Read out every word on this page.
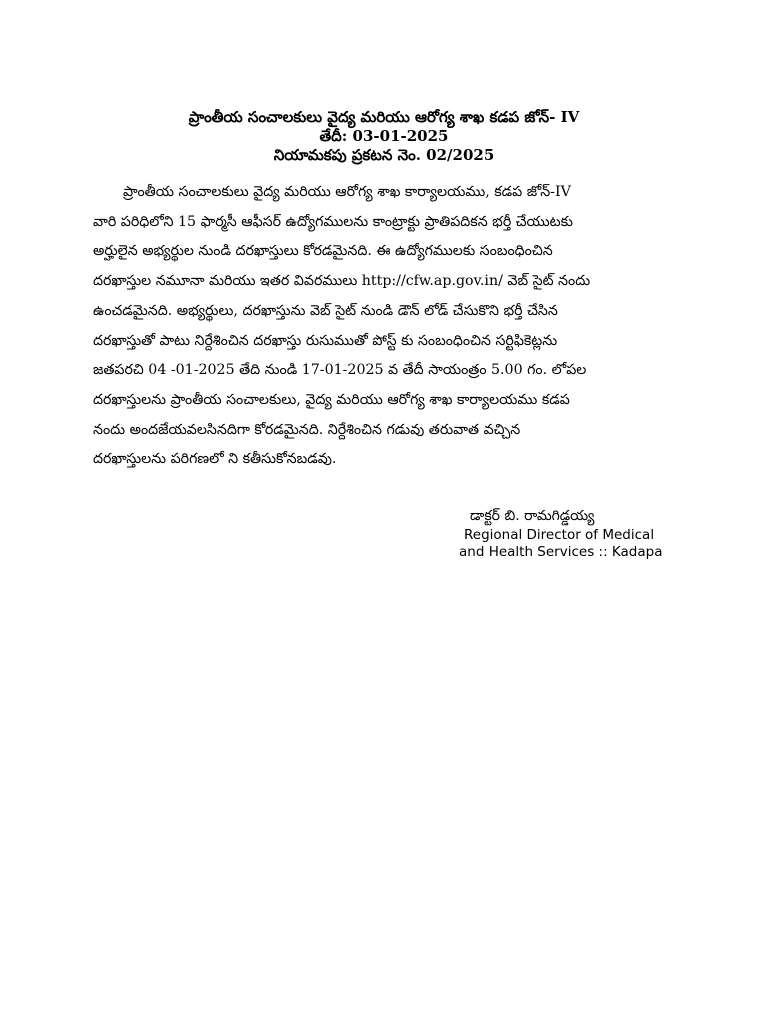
ప్రాంతీయ సంచాలకులు వైద్య మరియు ఆరోగ్య శాఖ కడప జోన్- IV
తేదీ: 03-01-2025
నియామకపు ప్రకటన నెం. 02/2025
ప్రాంతీయ సంచాలకులు వైద్య మరియు ఆరోగ్య శాఖ కార్యాలయము, కడప జోన్-IV
వారి పరిధిలోని 15 ఫార్మసీ ఆఫీసర్ ఉద్యోగములను కాంట్రాక్టు ప్రాతిపదికన భర్తీ చేయుటకు
అర్హులైన అభ్యర్థుల నుండి దరఖాస్తులు కోరడమైనది. ఈ ఉద్యోగములకు సంబంధించిన
దరఖాస్తుల నమూనా మరియు ఇతర వివరములు http://cfw.ap.gov.in/ వెబ్ సైట్ నందు
ఉంచడమైనది. అభ్యర్థులు, దరఖాస్తును వెబ్ సైట్ నుండి డౌన్ లోడ్ చేసుకొని భర్తీ చేసిన
దరఖాస్తుతో పాటు నిర్దేశించిన దరఖాస్తు రుసుముతో పోస్ట్ కు సంబంధించిన సర్టిఫికెట్లను
జతపరచి 04 -01-2025 తేది నుండి 17-01-2025 వ తేదీ సాయంత్రం 5.00 గం. లోపల
దరఖాస్తులను ప్రాంతీయ సంచాలకులు, వైద్య మరియు ఆరోగ్య శాఖ కార్యాలయము కడప
నందు అందజేయవలసినదిగా కోరడమైనది. నిర్దేశించిన గడువు తరువాత వచ్చిన
దరఖాస్తులను పరిగణలో ని కతీసుకోనబడవు.
డాక్టర్ బి. రామగిడ్డయ్య
Regional Director of Medical
and Health Services :: Kadapa
